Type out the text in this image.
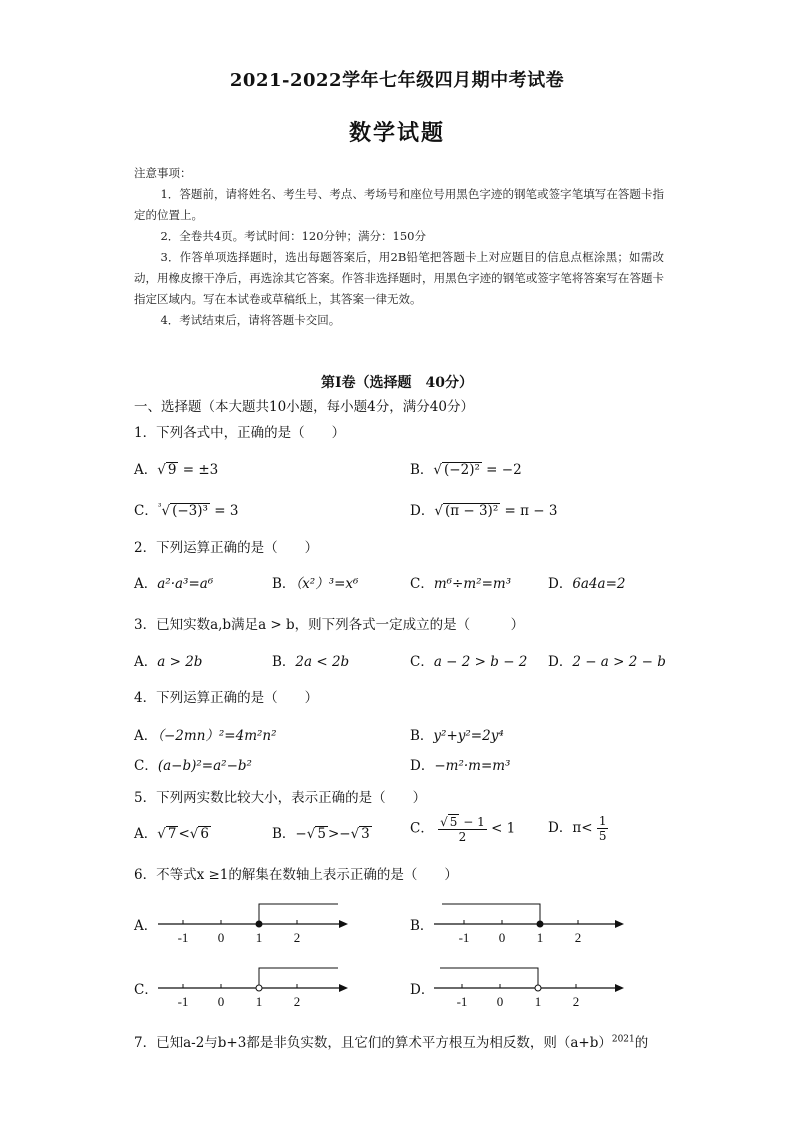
2021-2022学年七年级四月期中考试卷
数学试题
注意事项：
1．答题前，请将姓名、考生号、考点、考场号和座位号用黑色字迹的钢笔或签字笔填写在答题卡指定的位置上。
2．全卷共4页。考试时间：120分钟；满分：150分
3．作答单项选择题时，选出每题答案后，用2B铅笔把答题卡上对应题目的信息点框涂黑；如需改动，用橡皮擦干净后，再选涂其它答案。作答非选择题时，用黑色字迹的钢笔或签字笔将答案写在答题卡指定区域内。写在本试卷或草稿纸上，其答案一律无效。
4．考试结束后，请将答题卡交回。
第I卷（选择题　40分）
一、选择题（本大题共10小题，每小题4分，满分40分）
1．下列各式中，正确的是（　　）
A．√ 9 = ±3	B．√ (−2)² = −2
C．$^{^3}$√ (−3)³ = 3	D．√ (π − 3)² = π − 3
2．下列运算正确的是（　　）
A．a²·a³=a⁶	B．（x²）³=x⁶	C．m⁶÷m²=m³	D．6a4a=2
3．已知实数a,b满足a > b，则下列各式一定成立的是（　　　）
A．a > 2b	B．2a < 2b	C．a − 2 > b − 2 D．2 − a > 2 − b
4．下列运算正确的是（　　）
A．（−2mn）²=4m²n²	B．y²+y²=2y⁴
C．(a−b)²=a²−b²	D．−m²·m=m³
5．下列两实数比较大小，表示正确的是（　　）
A．√ 7 <√ 6	B．−√ 5 >−√ 3	C． $\frac{√ 5 - 1}{2} < 1$ D．$\pi< \frac{1}{5}$
6．不等式x ≥1的解集在数轴上表示正确的是（　　）
A．
-1 0 1 2
B．
-1 0 1 2
C．
-1 0 1 2
D．
-1 0 1 2
7．已知a-2与b+3都是非负实数，且它们的算术平方根互为相反数，则$(a+b)^{2021}$的
